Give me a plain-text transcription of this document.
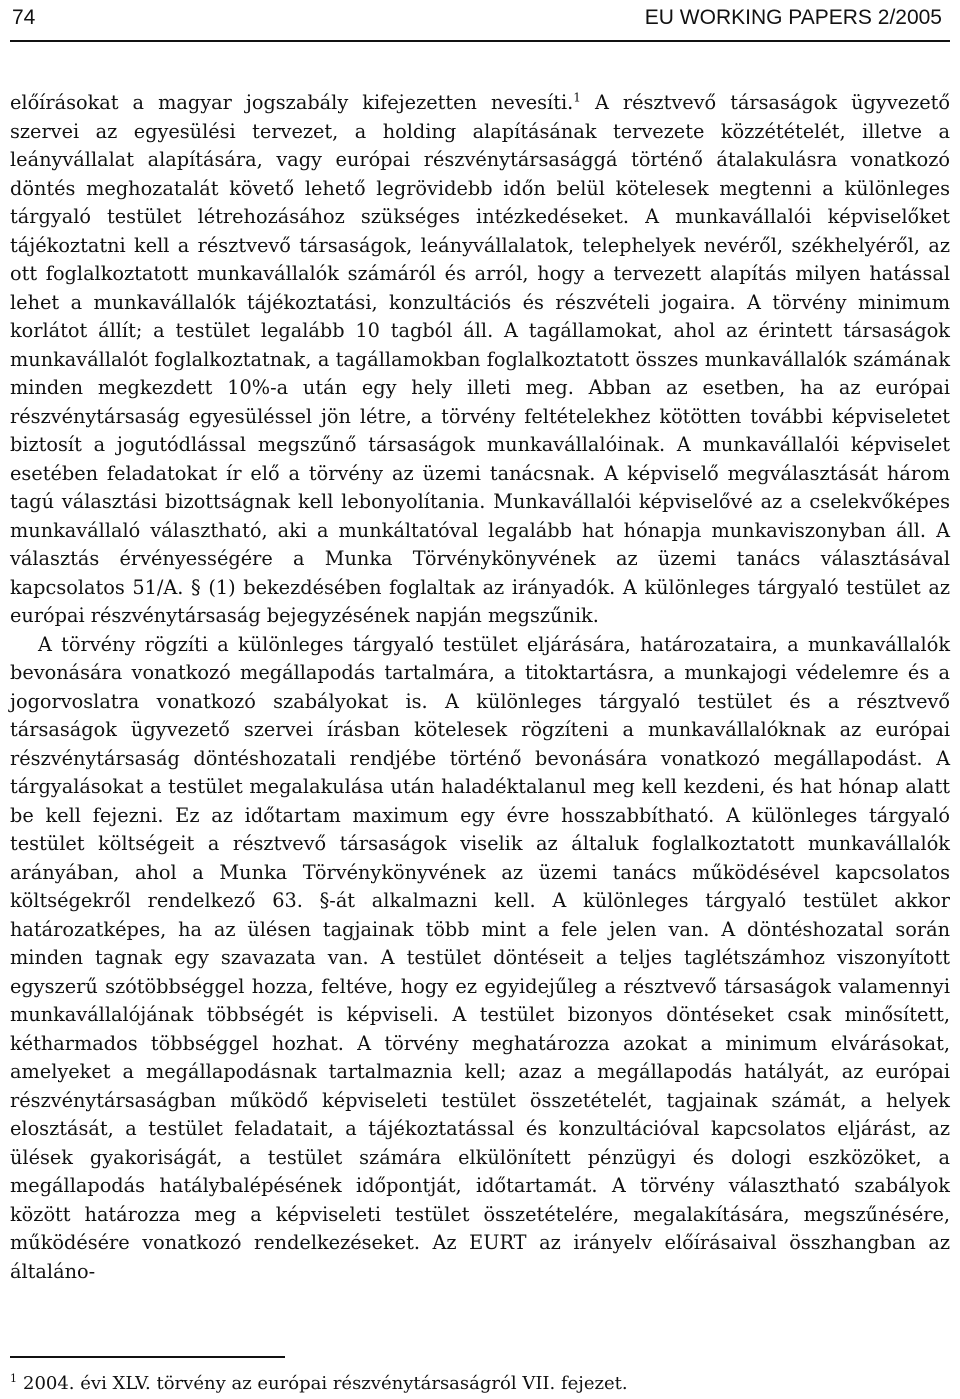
74	EU WORKING PAPERS 2/2005

előírásokat a magyar jogszabály kifejezetten nevesíti.$^1$ A résztvevő társaságok ügyvezető szervei az egyesülési tervezet, a holding alapításának tervezete közzétételét, illetve a leányvállalat alapítására, vagy európai részvénytársasággá történő átalakulásra vonatkozó döntés meghozatalát követő lehető legrövidebb időn belül kötelesek megtenni a különleges tárgyaló testület létrehozásához szükséges intézkedéseket. A munkavállalói képviselőket tájékoztatni kell a résztvevő társaságok, leányvállalatok, telephelyek nevéről, székhelyéről, az ott foglalkoztatott munkavállalók számáról és arról, hogy a tervezett alapítás milyen hatással lehet a munkavállalók tájékoztatási, konzultációs és részvételi jogaira. A törvény minimum korlátot állít; a testület legalább 10 tagból áll. A tagállamokat, ahol az érintett társaságok munkavállalót foglalkoztatnak, a tagállamokban foglalkoztatott összes munkavállalók számának minden megkezdett 10%-a után egy hely illeti meg. Abban az esetben, ha az európai részvénytársaság egyesüléssel jön létre, a törvény feltételekhez kötötten további képviseletet biztosít a jogutódlással megszűnő társaságok munkavállalóinak. A munkavállalói képviselet esetében feladatokat ír elő a törvény az üzemi tanácsnak. A képviselő megválasztását három tagú választási bizottságnak kell lebonyolítania. Munkavállalói képviselővé az a cselekvőképes munkavállaló választható, aki a munkáltatóval legalább hat hónapja munkaviszonyban áll. A választás érvényességére a Munka Törvénykönyvének az üzemi tanács választásával kapcsolatos 51/A. § (1) bekezdésében foglaltak az irányadók. A különleges tárgyaló testület az európai részvénytársaság bejegyzésének napján megszűnik.

A törvény rögzíti a különleges tárgyaló testület eljárására, határozataira, a munkavállalók bevonására vonatkozó megállapodás tartalmára, a titoktartásra, a munkajogi védelemre és a jogorvoslatra vonatkozó szabályokat is. A különleges tárgyaló testület és a résztvevő társaságok ügyvezető szervei írásban kötelesek rögzíteni a munkavállalóknak az európai részvénytársaság döntéshozatali rendjébe történő bevonására vonatkozó megállapodást. A tárgyalásokat a testület megalakulása után haladéktalanul meg kell kezdeni, és hat hónap alatt be kell fejezni. Ez az időtartam maximum egy évre hosszabbítható. A különleges tárgyaló testület költségeit a résztvevő társaságok viselik az általuk foglalkoztatott munkavállalók arányában, ahol a Munka Törvénykönyvének az üzemi tanács működésével kapcsolatos költségekről rendelkező 63. §-át alkalmazni kell. A különleges tárgyaló testület akkor határozatképes, ha az ülésen tagjainak több mint a fele jelen van. A döntéshozatal során minden tagnak egy szavazata van. A testület döntéseit a teljes taglétszámhoz viszonyított egyszerű szótöbbséggel hozza, feltéve, hogy ez egyidejűleg a résztvevő társaságok valamennyi munkavállalójának többségét is képviseli. A testület bizonyos döntéseket csak minősített, kétharmados többséggel hozhat. A törvény meghatározza azokat a minimum elvárásokat, amelyeket a megállapodásnak tartalmaznia kell; azaz a megállapodás hatályát, az európai részvénytársaságban működő képviseleti testület összetételét, tagjainak számát, a helyek elosztását, a testület feladatait, a tájékoztatással és konzultációval kapcsolatos eljárást, az ülések gyakoriságát, a testület számára elkülönített pénzügyi és dologi eszközöket, a megállapodás hatálybalépésének időpontját, időtartamát. A törvény választható szabályok között határozza meg a képviseleti testület összetételére, megalakítására, megszűnésére, működésére vonatkozó rendelkezéseket. Az EURT az irányelv előírásaival összhangban az általáno-

$^1$ 2004. évi XLV. törvény az európai részvénytársaságról VII. fejezet.
